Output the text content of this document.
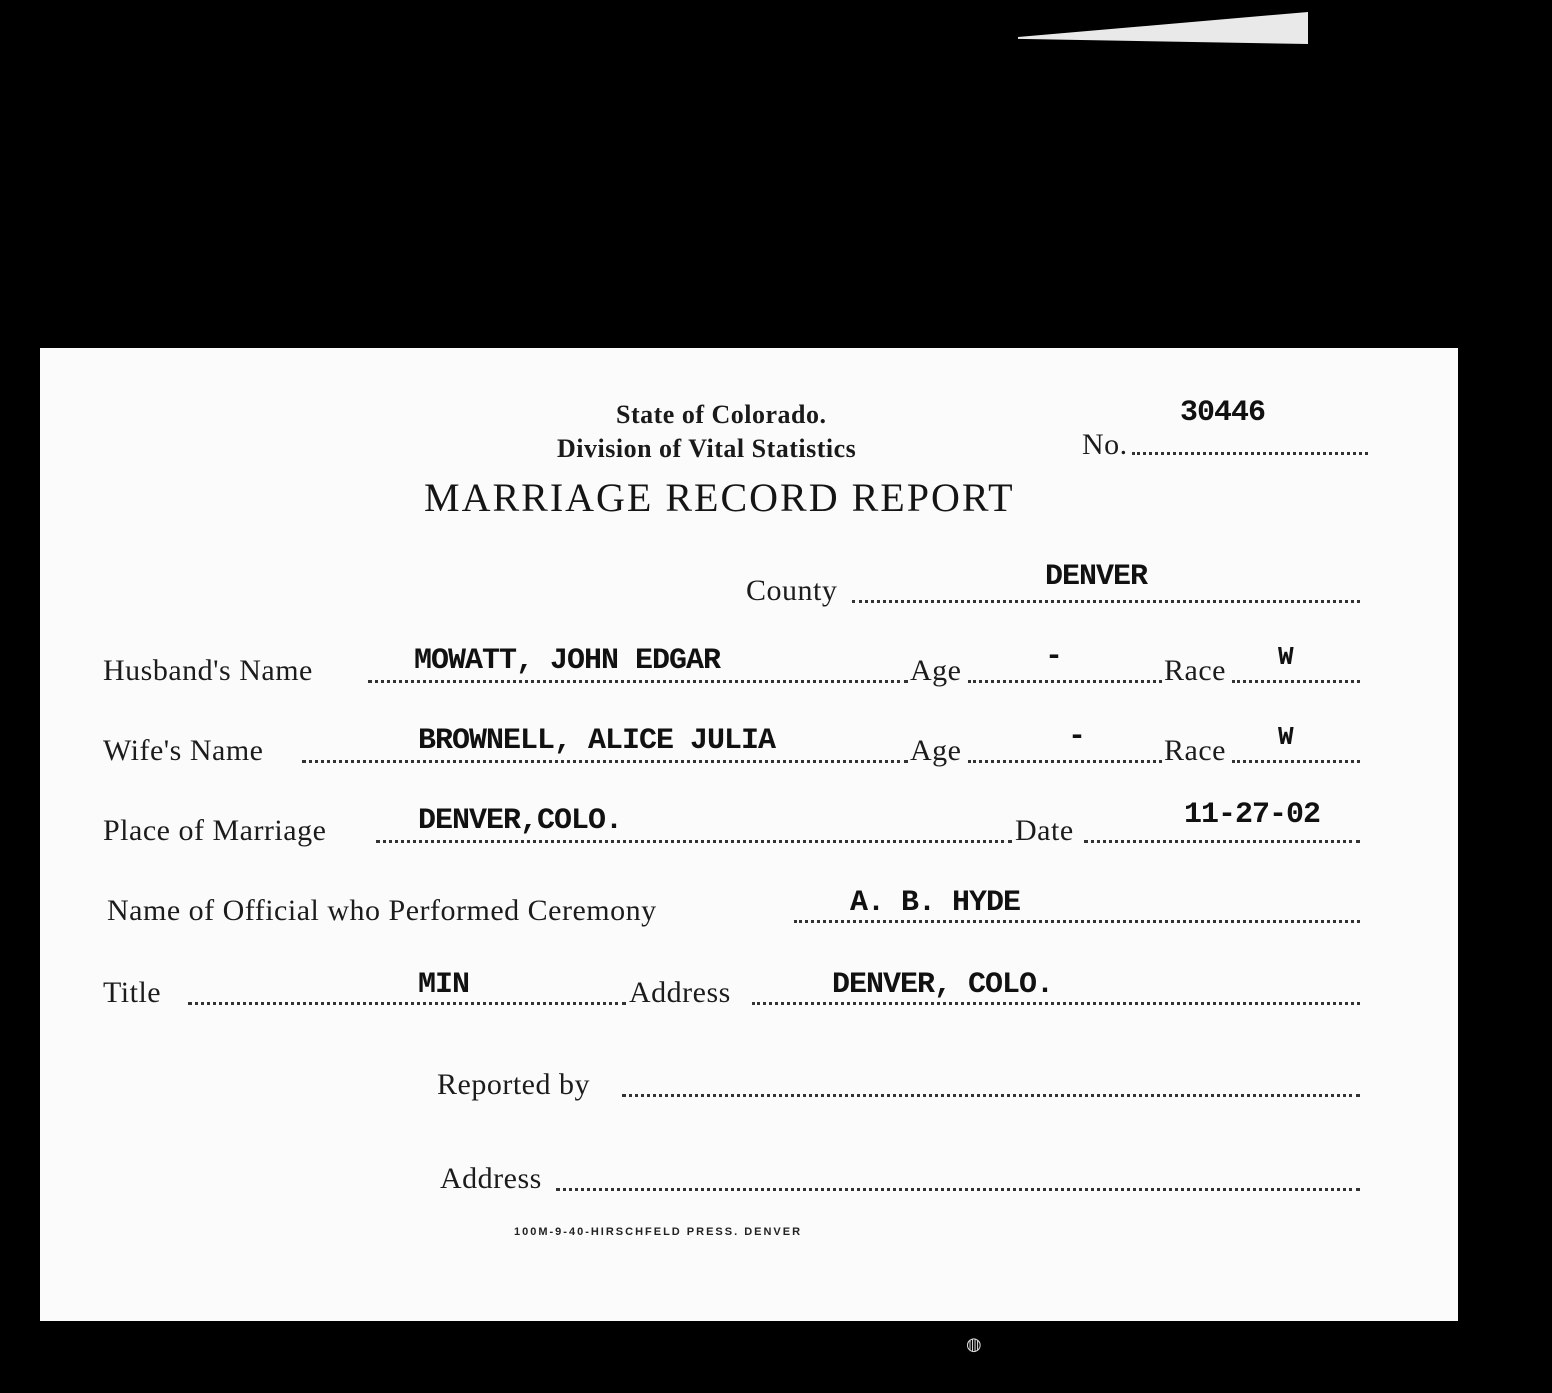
State of Colorado.
Division of Vital Statistics
MARRIAGE RECORD REPORT
No.
30446
County	DENVER
Husband's Name	MOWATT, JOHN EDGAR	Age	-	Race W
Wife's Name	BROWNELL, ALICE JULIA	Age	-	Race W
Place of Marriage	DENVER,COLO.	Date	11-27-02
Name of Official who Performed Ceremony	A. B. HYDE
Title	MIN	Address	DENVER, COLO.
Reported by
Address
100M-9-40-HIRSCHFELD PRESS. DENVER
◍
